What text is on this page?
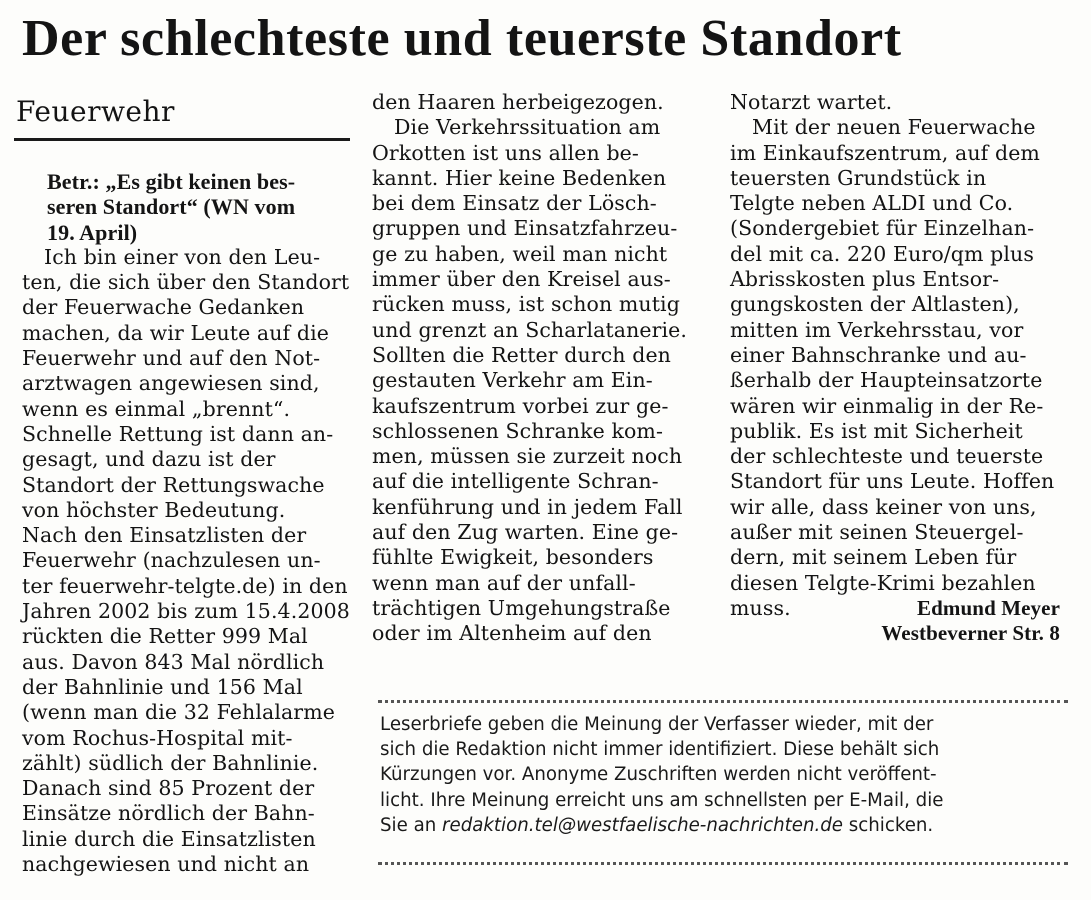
Der schlechteste und teuerste Standort
Feuerwehr
Betr.: „Es gibt keinen bes-
seren Standort“ (WN vom
19. April)
Ich bin einer von den Leu-
ten, die sich über den Standort
der Feuerwache Gedanken
machen, da wir Leute auf die
Feuerwehr und auf den Not-
arztwagen angewiesen sind,
wenn es einmal „brennt“.
Schnelle Rettung ist dann an-
gesagt, und dazu ist der
Standort der Rettungswache
von höchster Bedeutung.
Nach den Einsatzlisten der
Feuerwehr (nachzulesen un-
ter feuerwehr-telgte.de) in den
Jahren 2002 bis zum 15.4.2008
rückten die Retter 999 Mal
aus. Davon 843 Mal nördlich
der Bahnlinie und 156 Mal
(wenn man die 32 Fehlalarme
vom Rochus-Hospital mit-
zählt) südlich der Bahnlinie.
Danach sind 85 Prozent der
Einsätze nördlich der Bahn-
linie durch die Einsatzlisten
nachgewiesen und nicht an
den Haaren herbeigezogen.
Die Verkehrssituation am
Orkotten ist uns allen be-
kannt. Hier keine Bedenken
bei dem Einsatz der Lösch-
gruppen und Einsatzfahrzeu-
ge zu haben, weil man nicht
immer über den Kreisel aus-
rücken muss, ist schon mutig
und grenzt an Scharlatanerie.
Sollten die Retter durch den
gestauten Verkehr am Ein-
kaufszentrum vorbei zur ge-
schlossenen Schranke kom-
men, müssen sie zurzeit noch
auf die intelligente Schran-
kenführung und in jedem Fall
auf den Zug warten. Eine ge-
fühlte Ewigkeit, besonders
wenn man auf der unfall-
trächtigen Umgehungstraße
oder im Altenheim auf den
Notarzt wartet.
Mit der neuen Feuerwache
im Einkaufszentrum, auf dem
teuersten Grundstück in
Telgte neben ALDI und Co.
(Sondergebiet für Einzelhan-
del mit ca. 220 Euro/qm plus
Abrisskosten plus Entsor-
gungskosten der Altlasten),
mitten im Verkehrsstau, vor
einer Bahnschranke und au-
ßerhalb der Haupteinsatzorte
wären wir einmalig in der Re-
publik. Es ist mit Sicherheit
der schlechteste und teuerste
Standort für uns Leute. Hoffen
wir alle, dass keiner von uns,
außer mit seinen Steuergel-
dern, mit seinem Leben für
diesen Telgte-Krimi bezahlen
muss.	Edmund Meyer
Westbeverner Str. 8
Leserbriefe geben die Meinung der Verfasser wieder, mit der
sich die Redaktion nicht immer identifiziert. Diese behält sich
Kürzungen vor. Anonyme Zuschriften werden nicht veröffent-
licht. Ihre Meinung erreicht uns am schnellsten per E-Mail, die
Sie an redaktion.tel@westfaelische-nachrichten.de schicken.
